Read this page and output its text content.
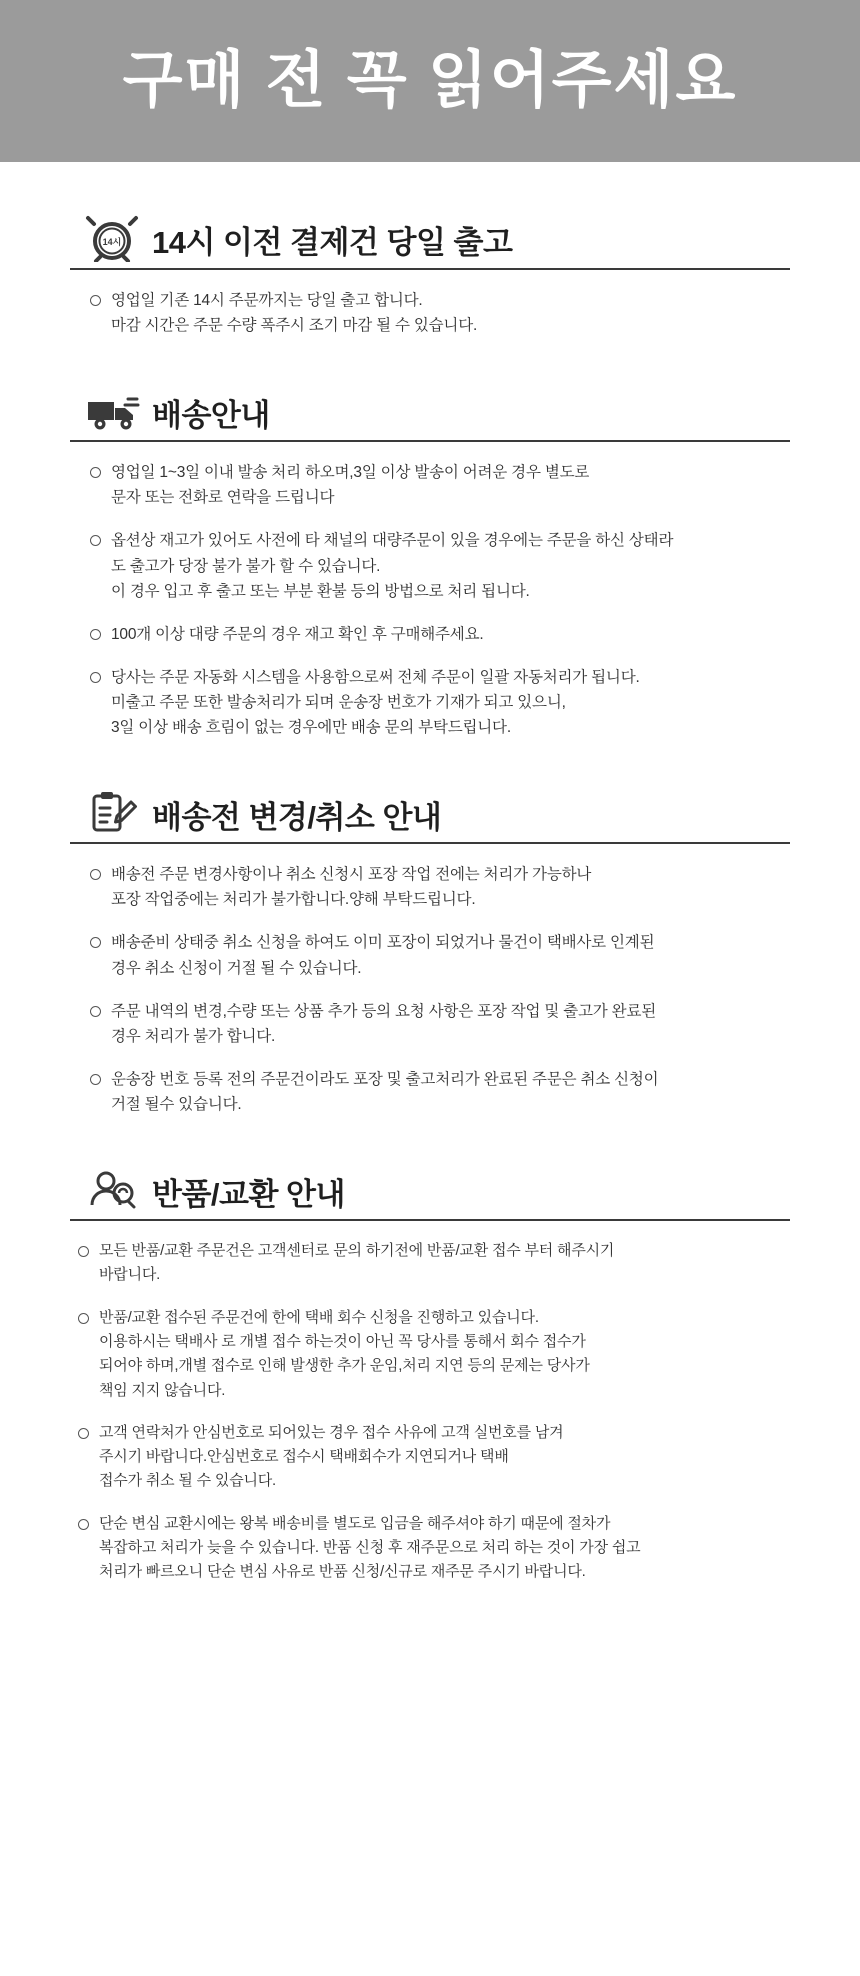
구매 전 꼭 읽어주세요
14시 14시 이전 결제건 당일 출고
영업일 기존 14시 주문까지는 당일 출고 합니다.
마감 시간은 주문 수량 폭주시 조기 마감 될 수 있습니다.
배송안내
영업일 1~3일 이내 발송 처리 하오며,3일 이상 발송이 어려운 경우 별도로
문자 또는 전화로 연락을 드립니다
옵션상 재고가 있어도 사전에 타 채널의 대량주문이 있을 경우에는 주문을 하신 상태라
도 출고가 당장 불가 불가 할 수 있습니다.
이 경우 입고 후 출고 또는 부분 환불 등의 방법으로 처리 됩니다.
100개 이상 대량 주문의 경우 재고 확인 후 구매해주세요.
당사는 주문 자동화 시스템을 사용함으로써 전체 주문이 일괄 자동처리가 됩니다.
미출고 주문 또한 발송처리가 되며 운송장 번호가 기재가 되고 있으니,
3일 이상 배송 흐림이 없는 경우에만 배송 문의 부탁드립니다.
배송전 변경/취소 안내
배송전 주문 변경사항이나 취소 신청시 포장 작업 전에는 처리가 가능하나
포장 작업중에는 처리가 불가합니다.양해 부탁드립니다.
배송준비 상태중 취소 신청을 하여도 이미 포장이 되었거나 물건이 택배사로 인계된
경우 취소 신청이 거절 될 수 있습니다.
주문 내역의 변경,수량 또는 상품 추가 등의 요청 사항은 포장 작업 및 출고가 완료된
경우 처리가 불가 합니다.
운송장 번호 등록 전의 주문건이라도 포장 및 출고처리가 완료된 주문은 취소 신청이
거절 될수 있습니다.
반품/교환 안내
모든 반품/교환 주문건은 고객센터로 문의 하기전에 반품/교환 접수 부터 해주시기
바랍니다.
반품/교환 접수된 주문건에 한에 택배 회수 신청을 진행하고 있습니다.
이용하시는 택배사 로 개별 접수 하는것이 아닌 꼭 당사를 통해서 회수 접수가
되어야 하며,개별 접수로 인해 발생한 추가 운임,처리 지연 등의 문제는 당사가
책임 지지 않습니다.
고객 연락처가 안심번호로 되어있는 경우 접수 사유에 고객 실번호를 남겨
주시기 바랍니다.안심번호로 접수시 택배회수가 지연되거나 택배
접수가 취소 될 수 있습니다.
단순 변심 교환시에는 왕복 배송비를 별도로 입금을 해주셔야 하기 때문에 절차가
복잡하고 처리가 늦을 수 있습니다. 반품 신청 후 재주문으로 처리 하는 것이 가장 쉽고
처리가 빠르오니 단순 변심 사유로 반품 신청/신규로 재주문 주시기 바랍니다.
